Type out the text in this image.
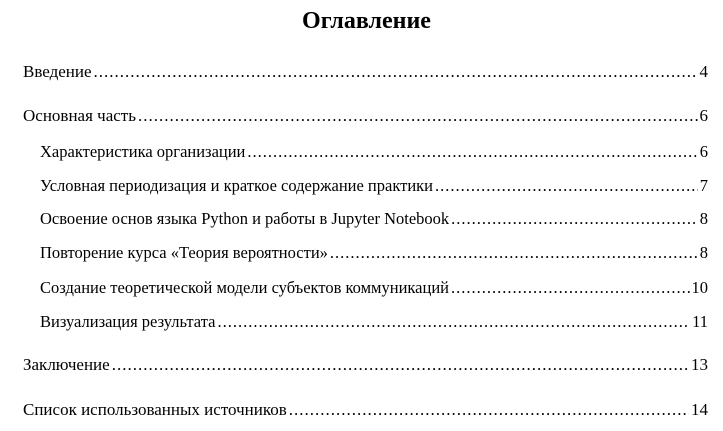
Оглавление
Введение .....	4
Основная часть .....	6
Характеристика организации .....	6
Условная периодизация и краткое содержание практики .....	7
Освоение основ языка Python и работы в Jupyter Notebook .....	8
Повторение курса «Теория вероятности» .....	8
Создание теоретической модели субъектов коммуникаций .....	10
Визуализация результата .....	11
Заключение .....	13
Список использованных источников .....	14
